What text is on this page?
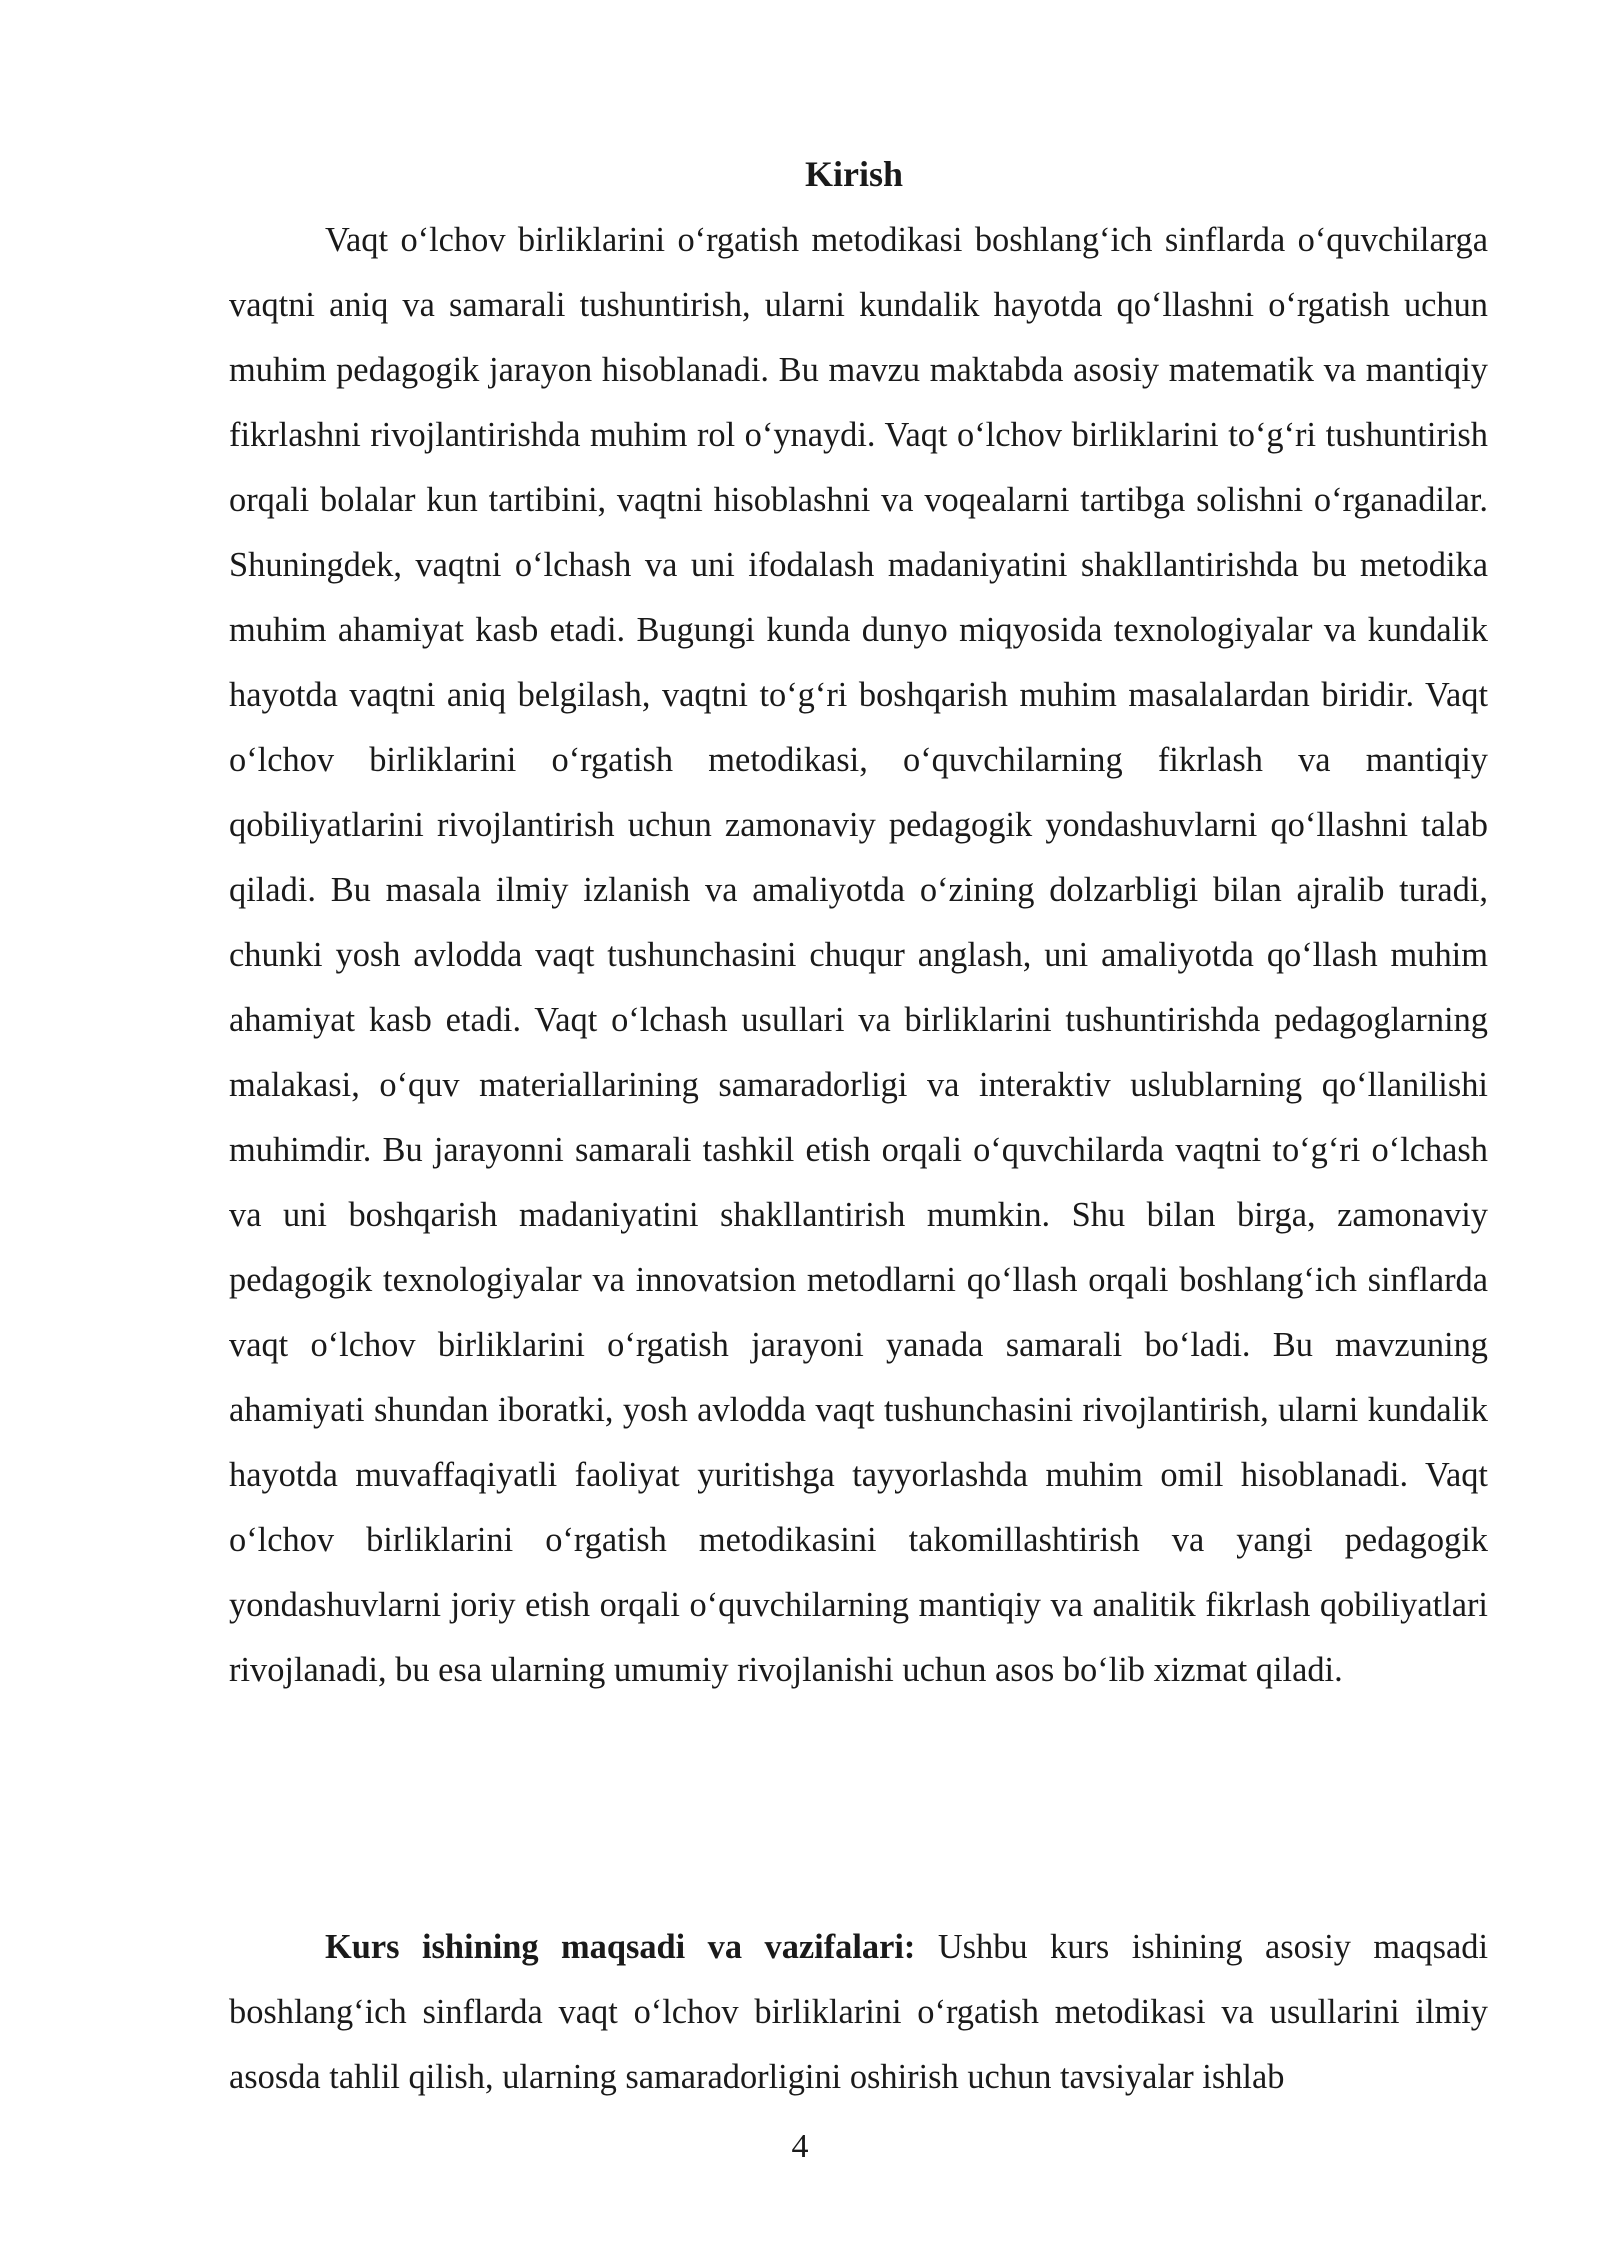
Kirish

Vaqt o‘lchov birliklarini o‘rgatish metodikasi boshlang‘ich sinflarda o‘quvchilarga vaqtni aniq va samarali tushuntirish, ularni kundalik hayotda qo‘llashni o‘rgatish uchun muhim pedagogik jarayon hisoblanadi. Bu mavzu maktabda asosiy matematik va mantiqiy fikrlashni rivojlantirishda muhim rol o‘ynaydi. Vaqt o‘lchov birliklarini to‘g‘ri tushuntirish orqali bolalar kun tartibini, vaqtni hisoblashni va voqealarni tartibga solishni o‘rganadilar. Shuningdek, vaqtni o‘lchash va uni ifodalash madaniyatini shakllantirishda bu metodika muhim ahamiyat kasb etadi. Bugungi kunda dunyo miqyosida texnologiyalar va kundalik hayotda vaqtni aniq belgilash, vaqtni to‘g‘ri boshqarish muhim masalalardan biridir. Vaqt o‘lchov birliklarini o‘rgatish metodikasi, o‘quvchilarning fikrlash va mantiqiy qobiliyatlarini rivojlantirish uchun zamonaviy pedagogik yondashuvlarni qo‘llashni talab qiladi. Bu masala ilmiy izlanish va amaliyotda o‘zining dolzarbligi bilan ajralib turadi, chunki yosh avlodda vaqt tushunchasini chuqur anglash, uni amaliyotda qo‘llash muhim ahamiyat kasb etadi. Vaqt o‘lchash usullari va birliklarini tushuntirishda pedagoglarning malakasi, o‘quv materiallarining samaradorligi va interaktiv uslublarning qo‘llanilishi muhimdir. Bu jarayonni samarali tashkil etish orqali o‘quvchilarda vaqtni to‘g‘ri o‘lchash va uni boshqarish madaniyatini shakllantirish mumkin. Shu bilan birga, zamonaviy pedagogik texnologiyalar va innovatsion metodlarni qo‘llash orqali boshlang‘ich sinflarda vaqt o‘lchov birliklarini o‘rgatish jarayoni yanada samarali bo‘ladi. Bu mavzuning ahamiyati shundan iboratki, yosh avlodda vaqt tushunchasini rivojlantirish, ularni kundalik hayotda muvaffaqiyatli faoliyat yuritishga tayyorlashda muhim omil hisoblanadi. Vaqt o‘lchov birliklarini o‘rgatish metodikasini takomillashtirish va yangi pedagogik yondashuvlarni joriy etish orqali o‘quvchilarning mantiqiy va analitik fikrlash qobiliyatlari rivojlanadi, bu esa ularning umumiy rivojlanishi uchun asos bo‘lib xizmat qiladi.

Kurs ishining maqsadi va vazifalari: Ushbu kurs ishining asosiy maqsadi boshlang‘ich sinflarda vaqt o‘lchov birliklarini o‘rgatish metodikasi va usullarini ilmiy asosda tahlil qilish, ularning samaradorligini oshirish uchun tavsiyalar ishlab

4
